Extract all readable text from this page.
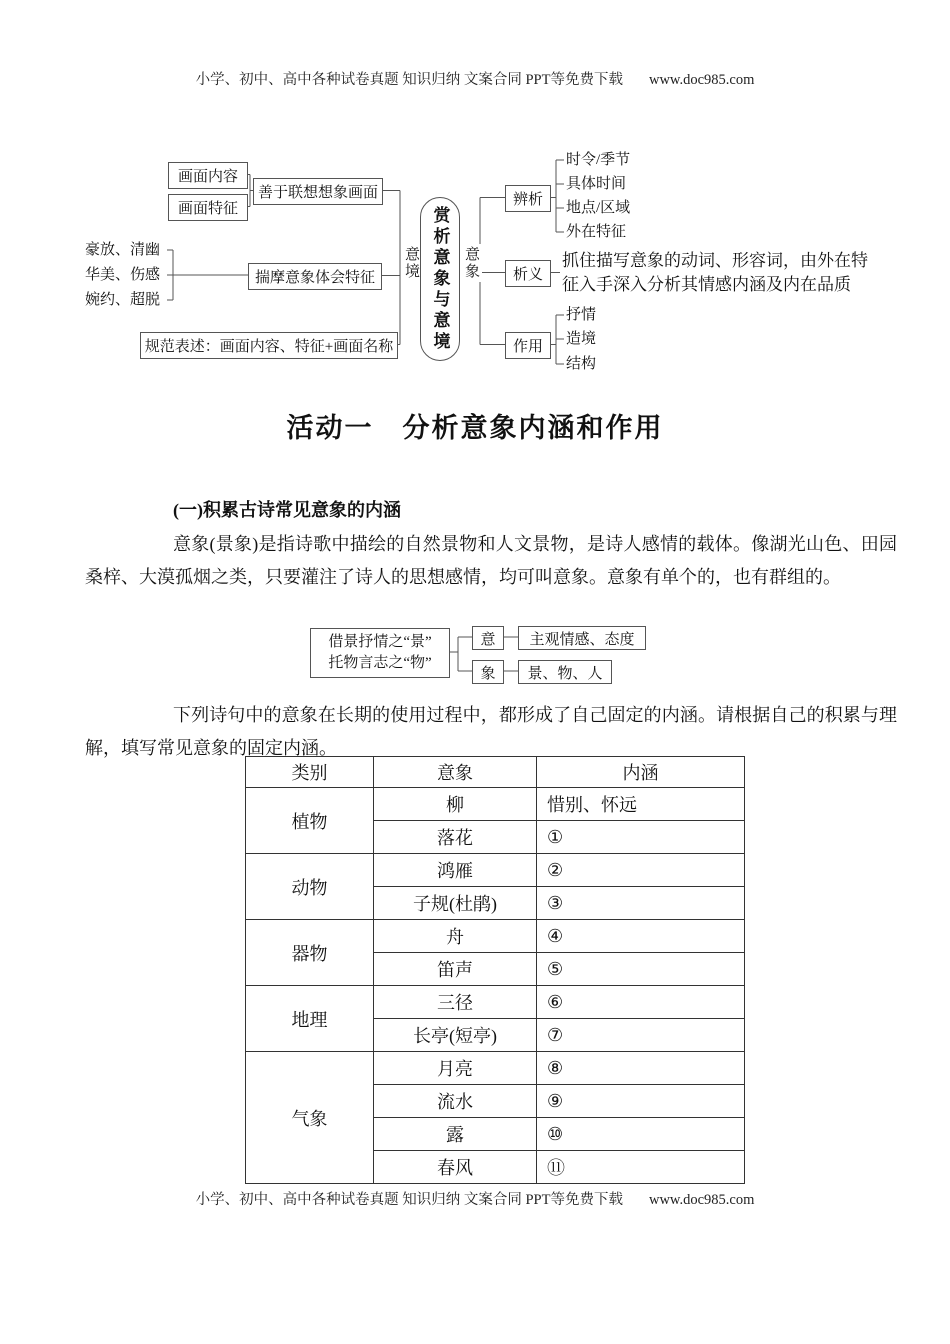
小学、初中、高中各种试卷真题 知识归纳 文案合同 PPT等免费下载 www.doc985.com
画面内容
画面特征
善于联想想象画面
豪放、清幽
华美、伤感
婉约、超脱
揣摩意象体会特征
规范表述：画面内容、特征+画面名称
意境 赏析意象与意境 意象
辨析
时令/季节
具体时间
地点/区域
外在特征
析义
抓住描写意象的动词、形容词，由外在特征入手深入分析其情感内涵及内在品质
作用
抒情
造境
结构
活动一　分析意象内涵和作用
(一)积累古诗常见意象的内涵
意象(景象)是指诗歌中描绘的自然景物和人文景物，是诗人感情的载体。像湖光山色、田园桑梓、大漠孤烟之类，只要灌注了诗人的思想感情，均可叫意象。意象有单个的，也有群组的。
借景抒情之“景”
托物言志之“物”
意	主观情感、态度
象	景、物、人
下列诗句中的意象在长期的使用过程中，都形成了自己固定的内涵。请根据自己的积累与理解，填写常见意象的固定内涵。
类别	意象	内涵
植物	柳	惜别、怀远
	落花	①
动物	鸿雁	②
	子规(杜鹃)	③
器物	舟	④
	笛声	⑤
地理	三径	⑥
	长亭(短亭)	⑦
气象	月亮	⑧
	流水	⑨
	露	⑩
	春风	⑪
小学、初中、高中各种试卷真题 知识归纳 文案合同 PPT等免费下载 www.doc985.com
